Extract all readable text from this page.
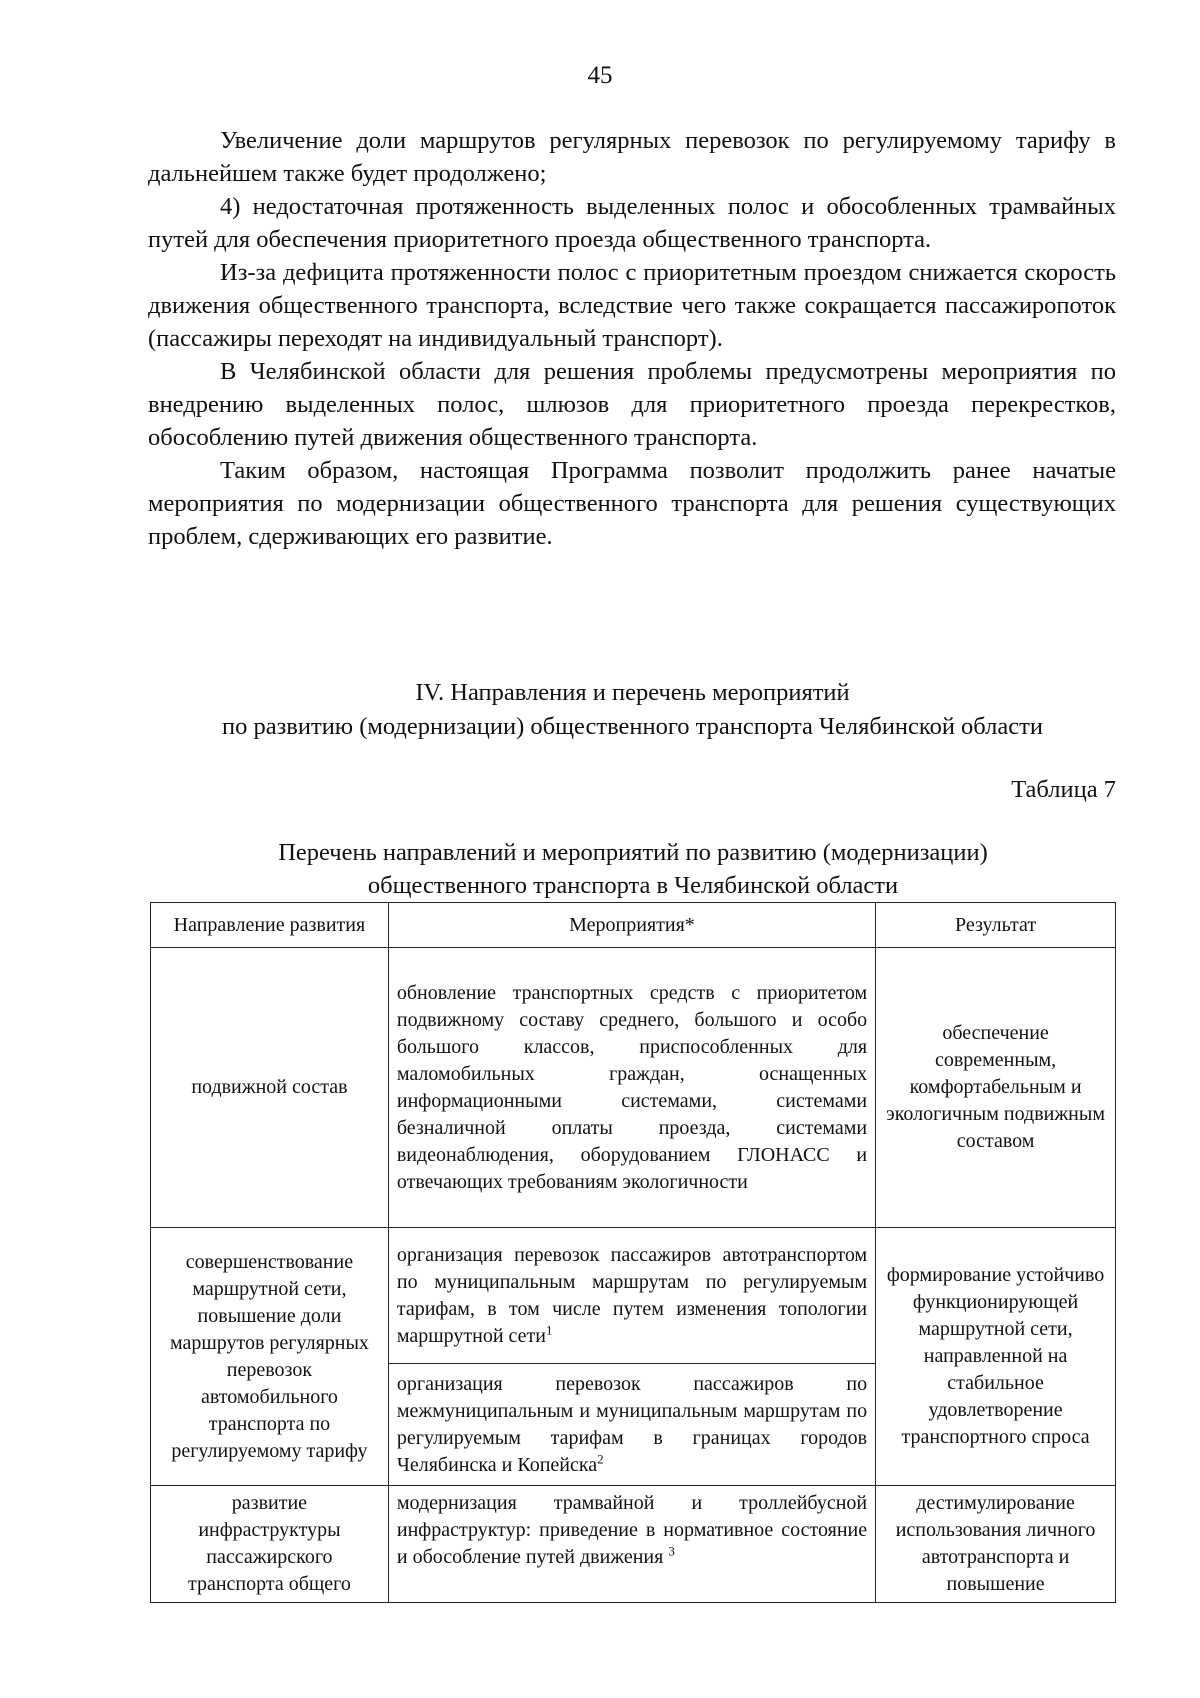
45

Увеличение доли маршрутов регулярных перевозок по регулируемому тарифу в дальнейшем также будет продолжено;

4) недостаточная протяженность выделенных полос и обособленных трамвайных путей для обеспечения приоритетного проезда общественного транспорта.

Из-за дефицита протяженности полос с приоритетным проездом снижается скорость движения общественного транспорта, вследствие чего также сокращается пассажиропоток (пассажиры переходят на индивидуальный транспорт).

В Челябинской области для решения проблемы предусмотрены мероприятия по внедрению выделенных полос, шлюзов для приоритетного проезда перекрестков, обособлению путей движения общественного транспорта.

Таким образом, настоящая Программа позволит продолжить ранее начатые мероприятия по модернизации общественного транспорта для решения существующих проблем, сдерживающих его развитие.

IV. Направления и перечень мероприятий
по развитию (модернизации) общественного транспорта Челябинской области
Таблица 7
Перечень направлений и мероприятий по развитию (модернизации)
общественного транспорта в Челябинской области
Направление развития	Мероприятия*	Результат
подвижной состав	обновление транспортных средств с приоритетом подвижному составу среднего, большого и особо большого классов, приспособленных для маломобильных граждан, оснащенных информационными системами, системами безналичной оплаты проезда, системами видеонаблюдения, оборудованием ГЛОНАСС и отвечающих требованиям экологичности	обеспечение современным, комфортабельным и экологичным подвижным составом
совершенствование маршрутной сети, повышение доли маршрутов регулярных перевозок автомобильного транспорта по регулируемому тарифу	организация перевозок пассажиров автотранспортом по муниципальным маршрутам по регулируемым тарифам, в том числе путем изменения топологии маршрутной сети$^1$	формирование устойчиво функционирующей маршрутной сети, направленной на стабильное удовлетворение транспортного спроса
	организация перевозок пассажиров по межмуниципальным и муниципальным маршрутам по регулируемым тарифам в границах городов Челябинска и Копейска$^2$
развитие инфраструктуры пассажирского транспорта общего	модернизация трамвайной и троллейбусной инфраструктур: приведение в нормативное состояние и обособление путей движения $^3$	дестимулирование использования личного автотранспорта и повышение
